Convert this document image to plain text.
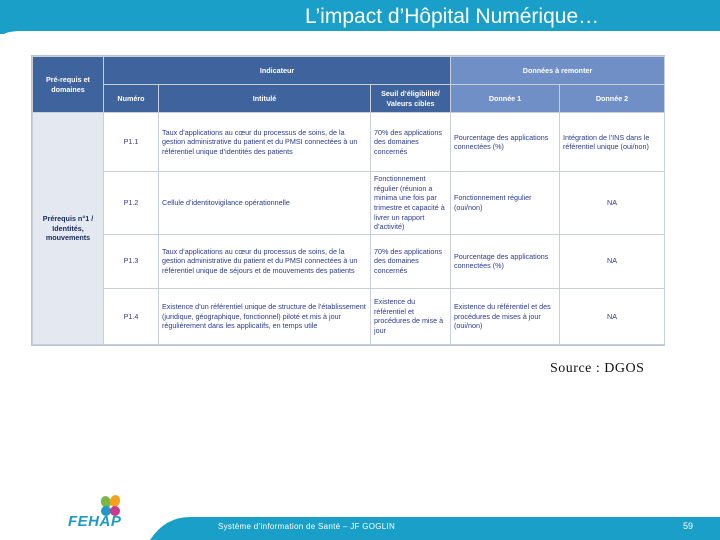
L’impact d’Hôpital Numérique…
Pré-requis et domaines	Indicateur			Données à remonter	
	Numéro	Intitulé	Seuil d’éligibilité/ Valeurs cibles	Donnée 1	Donnée 2
Prérequis n°1 / Identités, mouvements	P1.1	Taux d’applications au cœur du processus de soins, de la gestion administrative du patient et du PMSI connectées à un référentiel unique d’identités des patients	70% des applications des domaines concernés	Pourcentage des applications connectées (%)	Intégration de l’INS dans le référentiel unique (oui/non)
	P1.2	Cellule d’identitovigilance opérationnelle	Fonctionnement régulier (réunion a minima une fois par trimestre et capacité à livrer un rapport d’activité)	Fonctionnement régulier (oui/non)	NA
	P1.3	Taux d’applications au cœur du processus de soins, de la gestion administrative du patient et du PMSI connectées à un référentiel unique de séjours et de mouvements des patients	70% des applications des domaines concernés	Pourcentage des applications connectées (%)	NA
	P1.4	Existence d’un référentiel unique de structure de l’établissement (juridique, géographique, fonctionnel) piloté et mis à jour régulièrement dans les applicatifs, en temps utile	Existence du référentiel et procédures de mise à jour	Existence du référentiel et des procédures de mises à jour (oui/non)	NA
Source : DGOS
Système d’information de Santé – JF GOGLIN	59
FEHAP
